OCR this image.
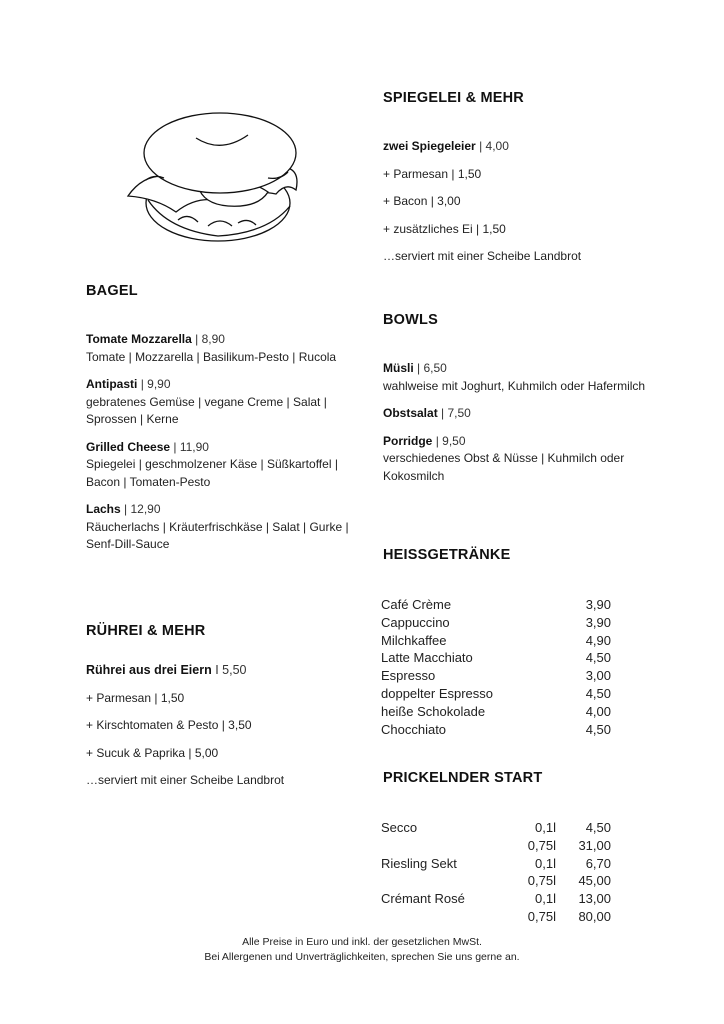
BAGEL
Tomate Mozzarella | 8,90
Tomate | Mozzarella | Basilikum-Pesto | Rucola
Antipasti | 9,90
gebratenes Gemüse | vegane Creme | Salat | Sprossen | Kerne
Grilled Cheese | 11,90
Spiegelei | geschmolzener Käse | Süßkartoffel | Bacon | Tomaten-Pesto
Lachs | 12,90
Räucherlachs | Kräuterfrischkäse | Salat | Gurke | Senf-Dill-Sauce
RÜHREI & MEHR
Rührei aus drei Eiern I 5,50
+ Parmesan | 1,50
+ Kirschtomaten & Pesto | 3,50
+ Sucuk & Paprika | 5,00
…serviert mit einer Scheibe Landbrot
SPIEGELEI & MEHR
zwei Spiegeleier | 4,00
+ Parmesan | 1,50
+ Bacon | 3,00
+ zusätzliches Ei | 1,50
…serviert mit einer Scheibe Landbrot
BOWLS
Müsli | 6,50
wahlweise mit Joghurt, Kuhmilch oder Hafermilch
Obstsalat | 7,50
Porridge | 9,50
verschiedenes Obst & Nüsse | Kuhmilch oder Kokosmilch
HEISSGETRÄNKE
Café Crème	3,90
Cappuccino	3,90
Milchkaffee	4,90
Latte Macchiato	4,50
Espresso	3,00
doppelter Espresso	4,50
heiße Schokolade	4,00
Chocchiato	4,50
PRICKELNDER START
Secco	0,1l	4,50
0,75l	31,00
Riesling Sekt	0,1l	6,70
0,75l	45,00
Crémant Rosé	0,1l	13,00
0,75l	80,00
Alle Preise in Euro und inkl. der gesetzlichen MwSt.
Bei Allergenen und Unverträglichkeiten, sprechen Sie uns gerne an.
